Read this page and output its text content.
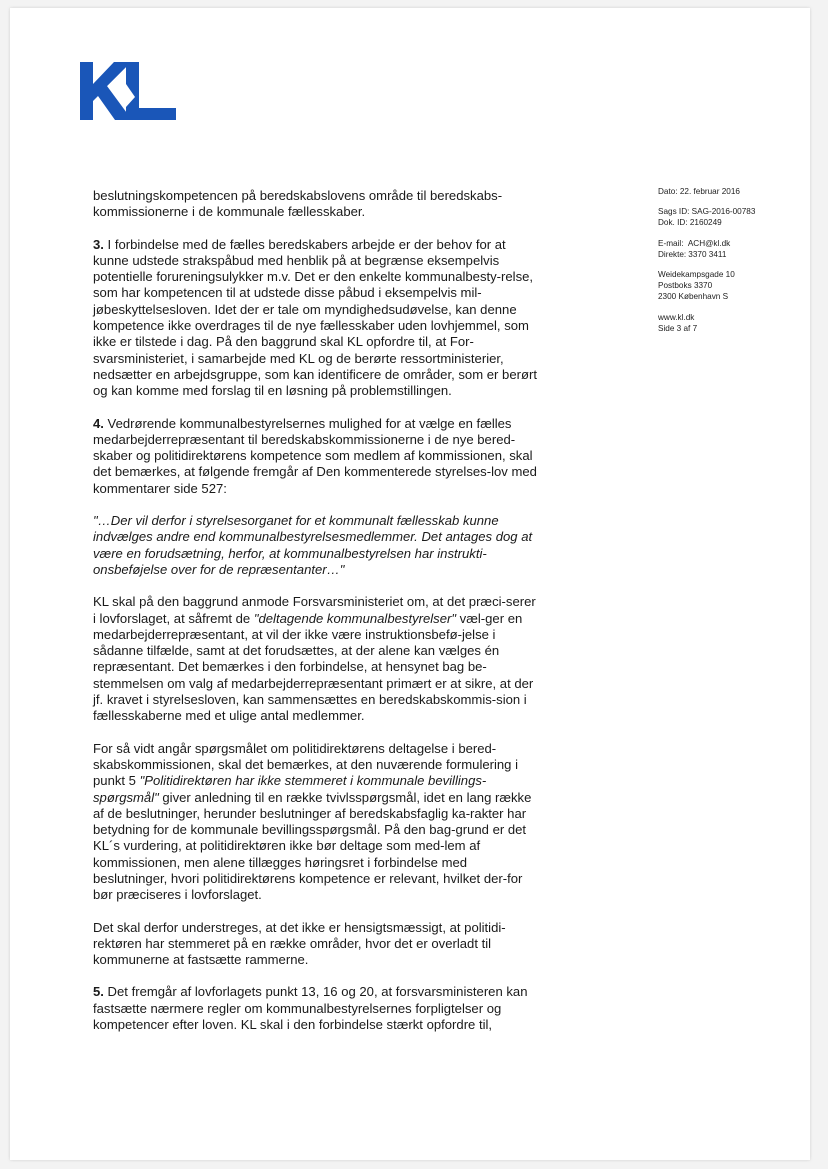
Dato: 22. februar 2016
Sags ID: SAG-2016-00783
Dok. ID: 2160249
E-mail: ACH@kl.dk
Direkte: 3370 3411
Weidekampsgade 10
Postboks 3370
2300 København S
www.kl.dk
Side 3 af 7

beslutningskompetencen på beredskabslovens område til beredskabs-kommissionerne i de kommunale fællesskaber.

3. I forbindelse med de fælles beredskabers arbejde er der behov for at kunne udstede strakspåbud med henblik på at begrænse eksempelvis potentielle forureningsulykker m.v. Det er den enkelte kommunalbesty-relse, som har kompetencen til at udstede disse påbud i eksempelvis mil-jøbeskyttelsesloven. Idet der er tale om myndighedsudøvelse, kan denne kompetence ikke overdrages til de nye fællesskaber uden lovhjemmel, som ikke er tilstede i dag. På den baggrund skal KL opfordre til, at For-svarsministeriet, i samarbejde med KL og de berørte ressortministerier, nedsætter en arbejdsgruppe, som kan identificere de områder, som er berørt og kan komme med forslag til en løsning på problemstillingen.

4. Vedrørende kommunalbestyrelsernes mulighed for at vælge en fælles medarbejderrepræsentant til beredskabskommissionerne i de nye bered-skaber og politidirektørens kompetence som medlem af kommissionen, skal det bemærkes, at følgende fremgår af Den kommenterede styrelses-lov med kommentarer side 527:

"…Der vil derfor i styrelsesorganet for et kommunalt fællesskab kunne indvælges andre end kommunalbestyrelsesmedlemmer. Det antages dog at være en forudsætning, herfor, at kommunalbestyrelsen har instrukti-onsbeføjelse over for de repræsentanter…"

KL skal på den baggrund anmode Forsvarsministeriet om, at det præci-serer i lovforslaget, at såfremt de "deltagende kommunalbestyrelser" væl-ger en medarbejderrepræsentant, at vil der ikke være instruktionsbefø-jelse i sådanne tilfælde, samt at det forudsættes, at der alene kan vælges én repræsentant. Det bemærkes i den forbindelse, at hensynet bag be-stemmelsen om valg af medarbejderrepræsentant primært er at sikre, at der jf. kravet i styrelsesloven, kan sammensættes en beredskabskommis-sion i fællesskaberne med et ulige antal medlemmer.

For så vidt angår spørgsmålet om politidirektørens deltagelse i bered-skabskommissionen, skal det bemærkes, at den nuværende formulering i punkt 5 "Politidirektøren har ikke stemmeret i kommunale bevillings-spørgsmål" giver anledning til en række tvivlsspørgsmål, idet en lang række af de beslutninger, herunder beslutninger af beredskabsfaglig ka-rakter har betydning for de kommunale bevillingsspørgsmål. På den bag-grund er det KL´s vurdering, at politidirektøren ikke bør deltage som med-lem af kommissionen, men alene tillægges høringsret i forbindelse med beslutninger, hvori politidirektørens kompetence er relevant, hvilket der-for bør præciseres i lovforslaget.

Det skal derfor understreges, at det ikke er hensigtsmæssigt, at politidi-rektøren har stemmeret på en række områder, hvor det er overladt til kommunerne at fastsætte rammerne.

5. Det fremgår af lovforlagets punkt 13, 16 og 20, at forsvarsministeren kan fastsætte nærmere regler om kommunalbestyrelsernes forpligtelser og kompetencer efter loven. KL skal i den forbindelse stærkt opfordre til,
